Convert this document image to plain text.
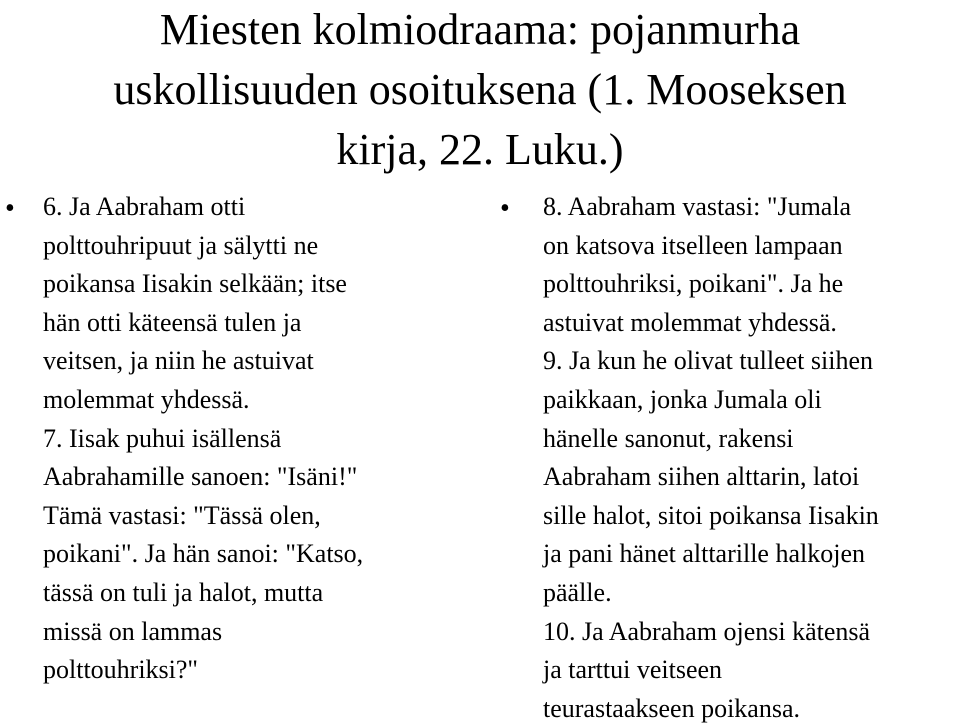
Miesten kolmiodraama: pojanmurha
uskollisuuden osoituksena (1. Mooseksen
kirja, 22. Luku.)
• 6. Ja Aabraham otti
polttouhripuut ja sälytti ne
poikansa Iisakin selkään; itse
hän otti käteensä tulen ja
veitsen, ja niin he astuivat
molemmat yhdessä.
7. Iisak puhui isällensä
Aabrahamille sanoen: "Isäni!"
Tämä vastasi: "Tässä olen,
poikani". Ja hän sanoi: "Katso,
tässä on tuli ja halot, mutta
missä on lammas
polttouhriksi?"

• 8. Aabraham vastasi: "Jumala
on katsova itselleen lampaan
polttouhriksi, poikani". Ja he
astuivat molemmat yhdessä.
9. Ja kun he olivat tulleet siihen
paikkaan, jonka Jumala oli
hänelle sanonut, rakensi
Aabraham siihen alttarin, latoi
sille halot, sitoi poikansa Iisakin
ja pani hänet alttarille halkojen
päälle.
10. Ja Aabraham ojensi kätensä
ja tarttui veitseen
teurastaakseen poikansa.
